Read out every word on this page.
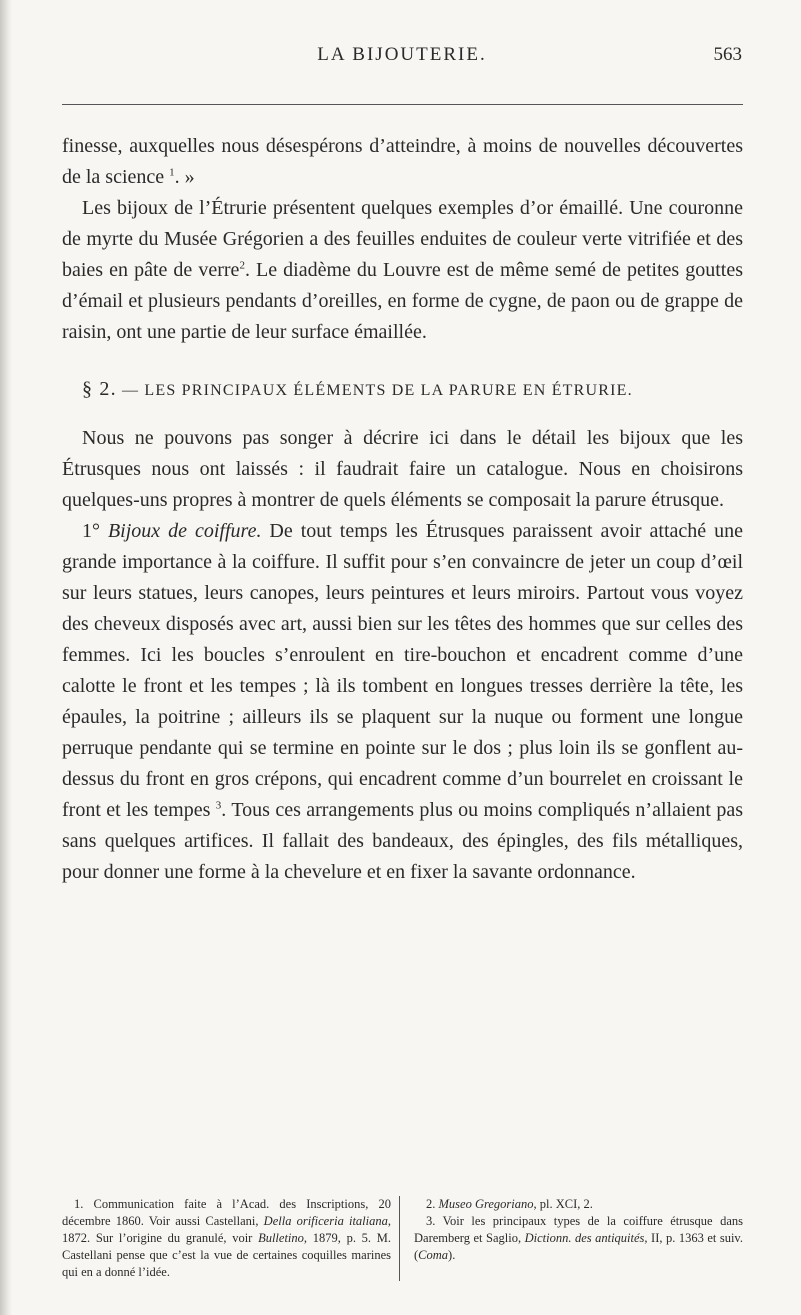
LA BIJOUTERIE.	563

finesse, auxquelles nous désespérons d’atteindre, à moins de nouvelles découvertes de la science $^1$. »

Les bijoux de l’Étrurie présentent quelques exemples d’or émaillé. Une couronne de myrte du Musée Grégorien a des feuilles enduites de couleur verte vitrifiée et des baies en pâte de verre$^2$. Le diadème du Louvre est de même semé de petites gouttes d’émail et plusieurs pendants d’oreilles, en forme de cygne, de paon ou de grappe de raisin, ont une partie de leur surface émaillée.

§ 2. — LES PRINCIPAUX ÉLÉMENTS DE LA PARURE EN ÉTRURIE.

Nous ne pouvons pas songer à décrire ici dans le détail les bijoux que les Étrusques nous ont laissés : il faudrait faire un catalogue. Nous en choisirons quelques-uns propres à montrer de quels éléments se composait la parure étrusque.

1° Bijoux de coiffure. De tout temps les Étrusques paraissent avoir attaché une grande importance à la coiffure. Il suffit pour s’en convaincre de jeter un coup d’œil sur leurs statues, leurs canopes, leurs peintures et leurs miroirs. Partout vous voyez des cheveux disposés avec art, aussi bien sur les têtes des hommes que sur celles des femmes. Ici les boucles s’enroulent en tire-bouchon et encadrent comme d’une calotte le front et les tempes ; là ils tombent en longues tresses derrière la tête, les épaules, la poitrine ; ailleurs ils se plaquent sur la nuque ou forment une longue perruque pendante qui se termine en pointe sur le dos ; plus loin ils se gonflent au-dessus du front en gros crépons, qui encadrent comme d’un bourrelet en croissant le front et les tempes $^3$. Tous ces arrangements plus ou moins compliqués n’allaient pas sans quelques artifices. Il fallait des bandeaux, des épingles, des fils métalliques, pour donner une forme à la chevelure et en fixer la savante ordonnance.

1. Communication faite à l’Acad. des Inscriptions, 20 décembre 1860. Voir aussi Castellani, Della orificeria italiana, 1872. Sur l’origine du granulé, voir Bulletino, 1879, p. 5. M. Castellani pense que c’est la vue de certaines coquilles marines qui en a donné l’idée.

2. Museo Gregoriano, pl. XCI, 2.

3. Voir les principaux types de la coiffure étrusque dans Daremberg et Saglio, Dictionn. des antiquités, II, p. 1363 et suiv. (Coma).
